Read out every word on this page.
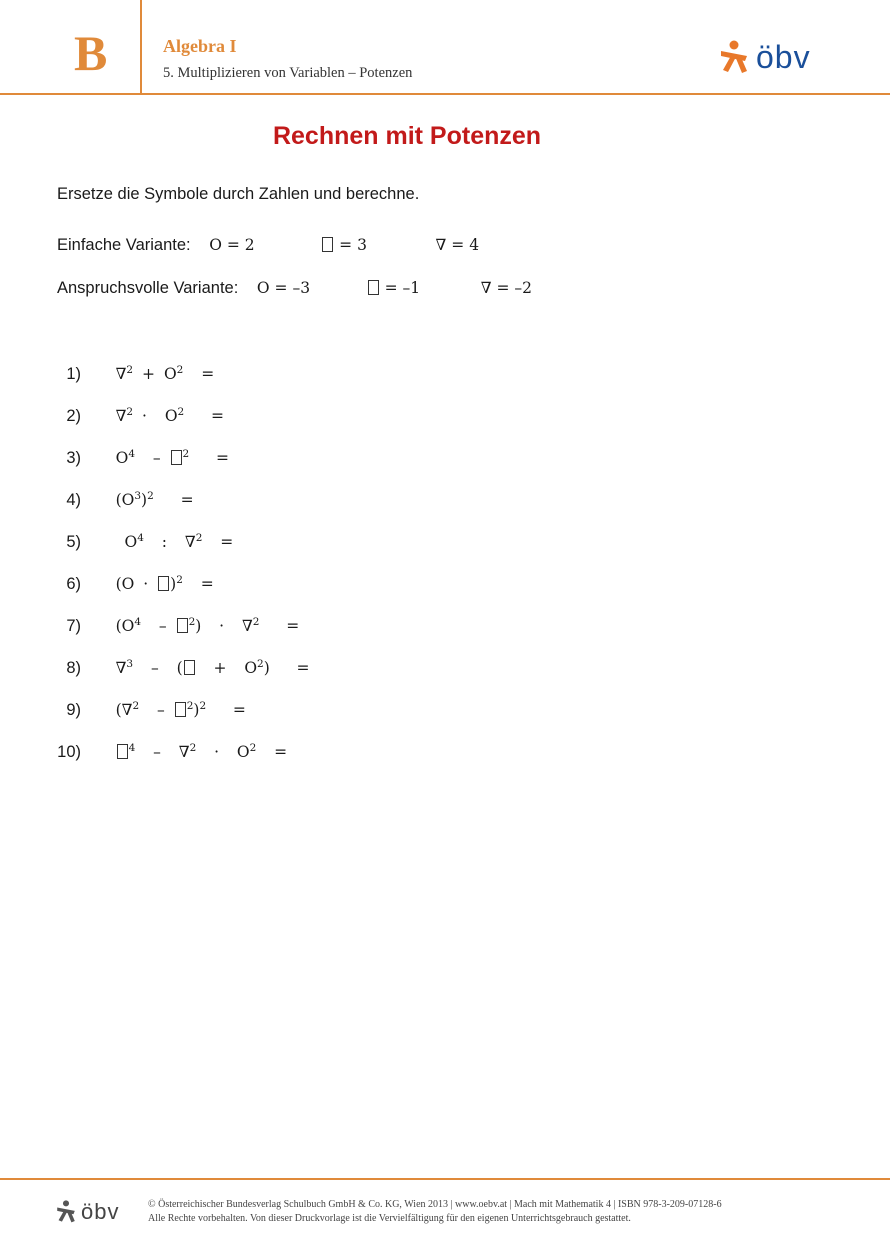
B	Algebra I
5. Multiplizieren von Variablen – Potenzen	öbv
Rechnen mit Potenzen
Ersetze die Symbole durch Zahlen und berechne.
Einfache Variante: O = 2	= 3	∇ = 4
Anspruchsvolle Variante: O = –3	= –1	∇ = –2
1) $\nabla^2 + O^2$  =
2) $\nabla^2 \cdot O^2$   =
3) $O^4 - ^2$   =
4) $(O^3)^2$   =
5)  $O^4$  :  ∇$^2$  =
6) $(O \cdot )^2$  =
7) $(O^4 - ^2) \cdot \nabla^2$   =
8) ∇$^3$  –  (  +  $O^2$)   =
9) (∇$^2$  – $^2$)$^2$   =
10)	$^4 - \nabla^2 \cdot O^2$  =
öbv	© Österreichischer Bundesverlag Schulbuch GmbH & Co. KG, Wien 2013 | www.oebv.at | Mach mit Mathematik 4 | ISBN 978-3-209-07128-6
Alle Rechte vorbehalten. Von dieser Druckvorlage ist die Vervielfältigung für den eigenen Unterrichtsgebrauch gestattet.
